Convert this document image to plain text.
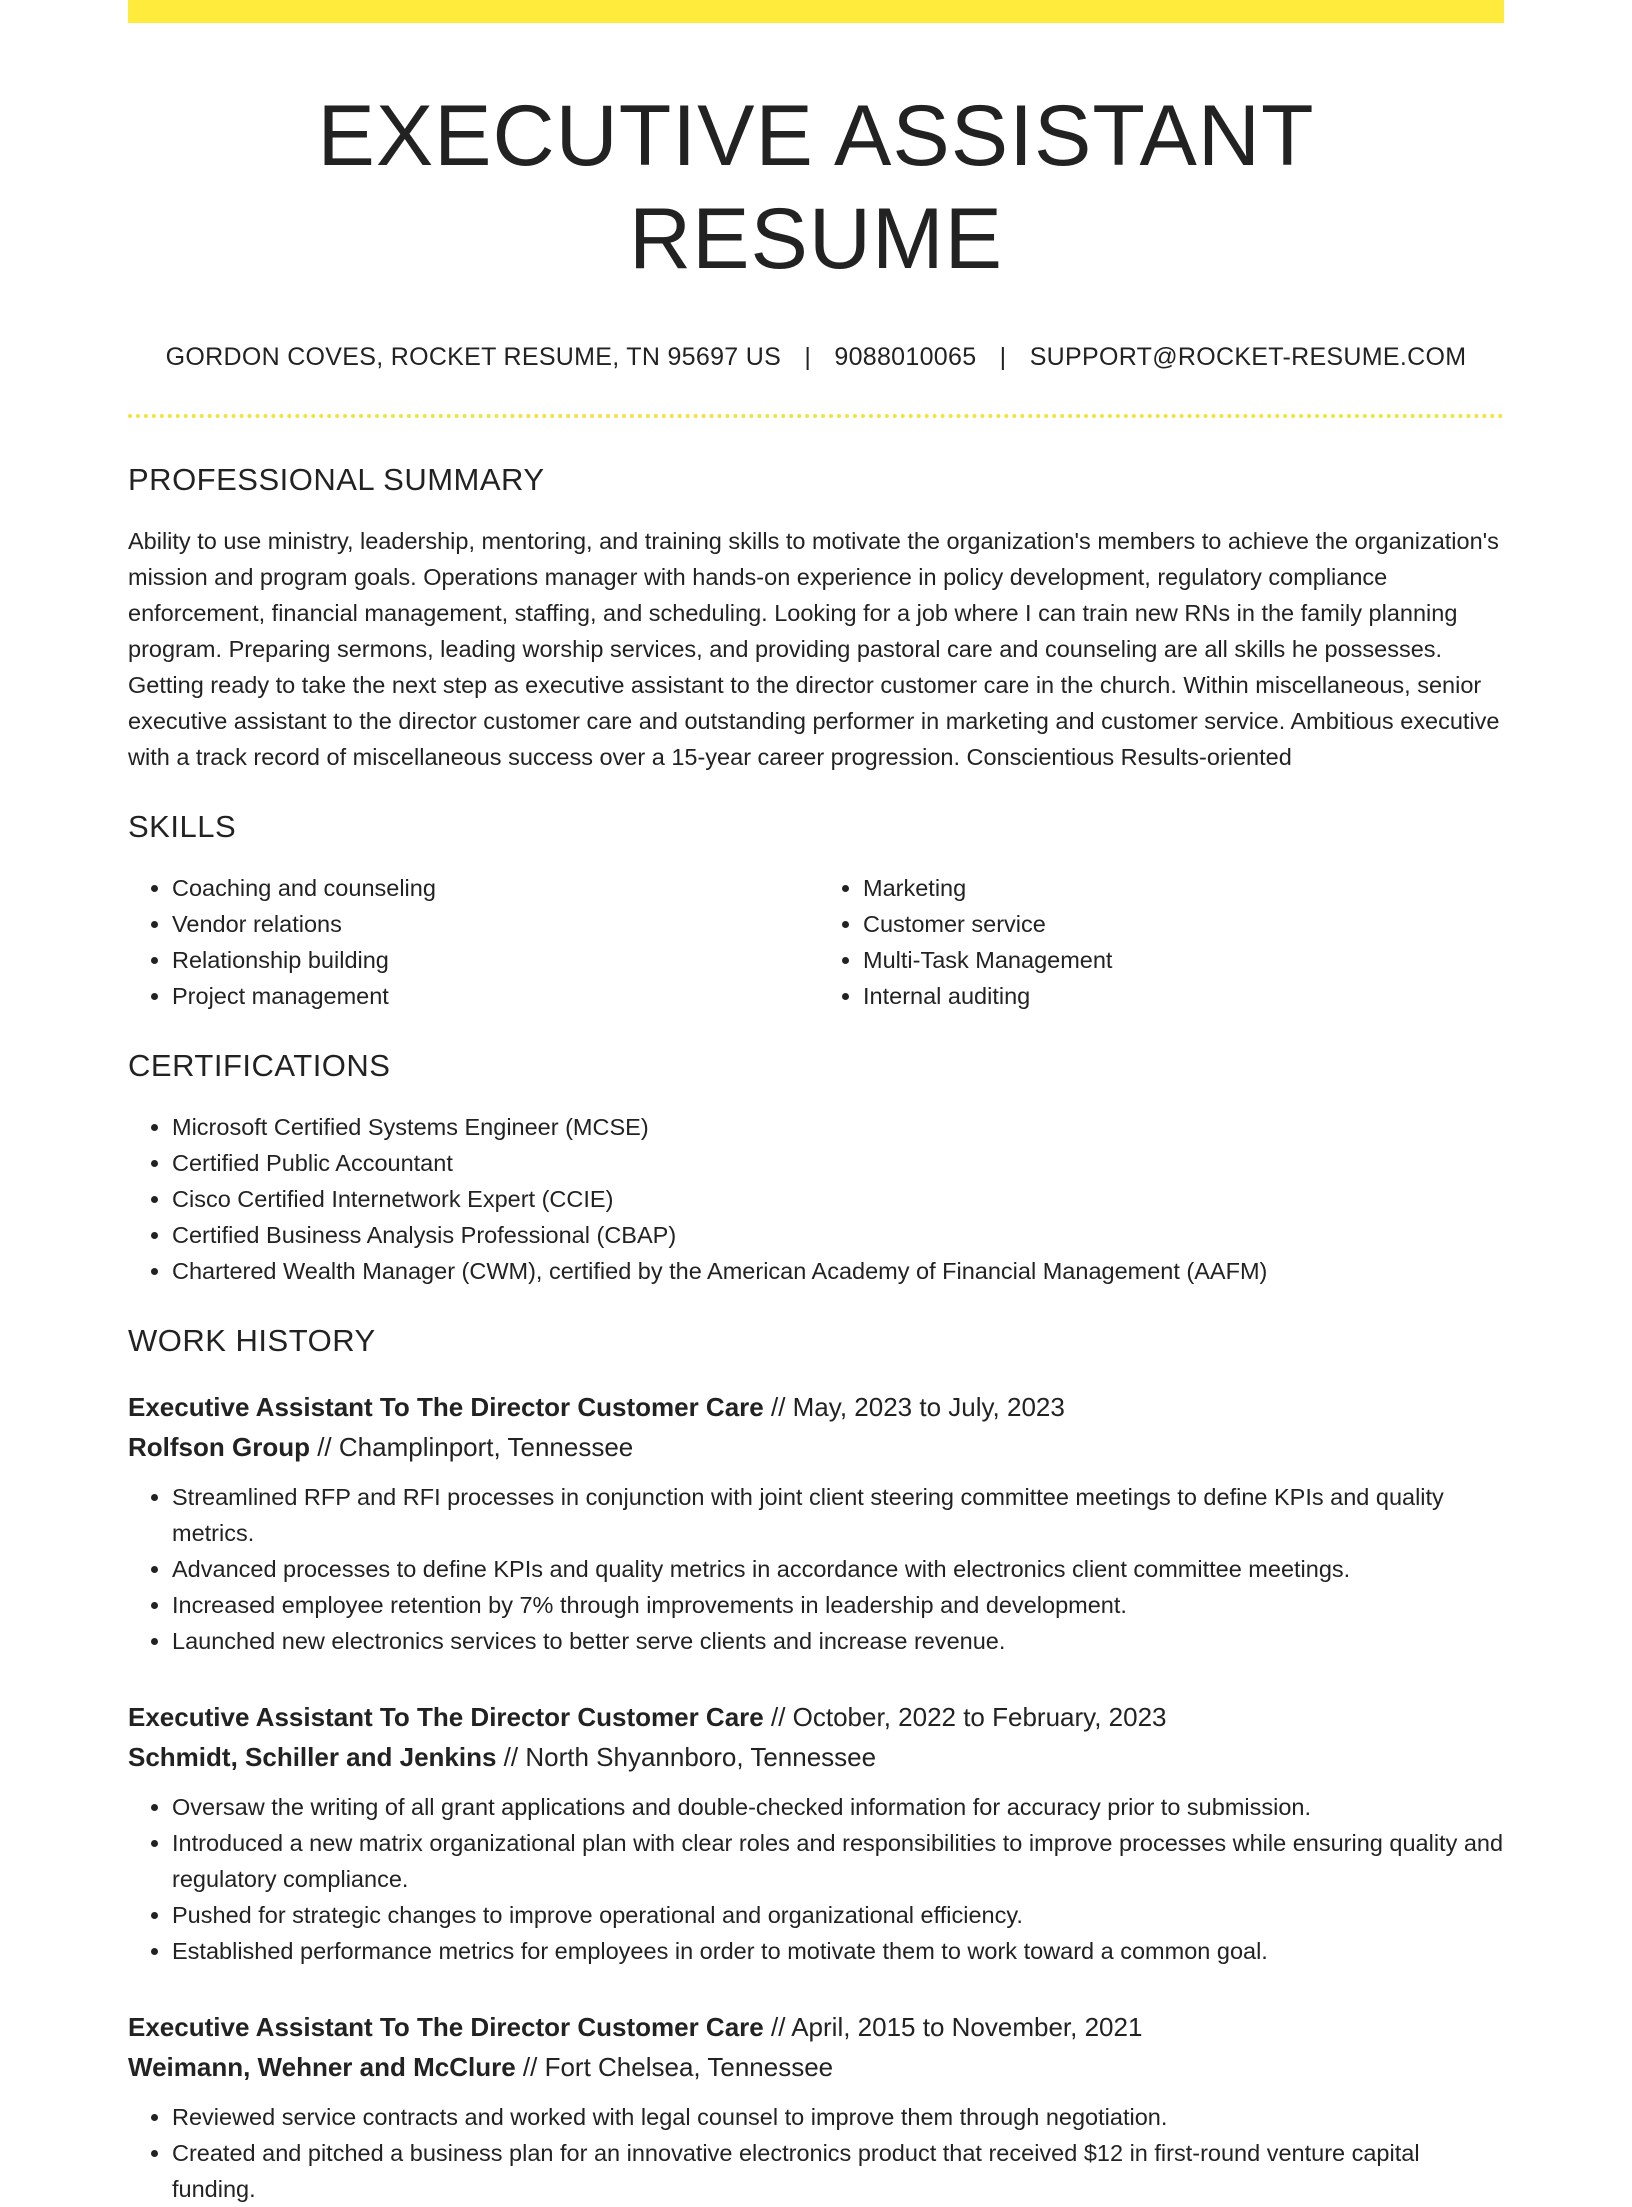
EXECUTIVE ASSISTANT RESUME
GORDON COVES, ROCKET RESUME, TN 95697 US | 9088010065 | SUPPORT@ROCKET-RESUME.COM
PROFESSIONAL SUMMARY

Ability to use ministry, leadership, mentoring, and training skills to motivate the organization's members to achieve the organization's mission and program goals. Operations manager with hands-on experience in policy development, regulatory compliance enforcement, financial management, staffing, and scheduling. Looking for a job where I can train new RNs in the family planning program. Preparing sermons, leading worship services, and providing pastoral care and counseling are all skills he possesses. Getting ready to take the next step as executive assistant to the director customer care in the church. Within miscellaneous, senior executive assistant to the director customer care and outstanding performer in marketing and customer service. Ambitious executive with a track record of miscellaneous success over a 15-year career progression. Conscientious Results-oriented

SKILLS
• Coaching and counseling
• Vendor relations
• Relationship building
• Project management
• Marketing
• Customer service
• Multi-Task Management
• Internal auditing
CERTIFICATIONS
• Microsoft Certified Systems Engineer (MCSE)
• Certified Public Accountant
• Cisco Certified Internetwork Expert (CCIE)
• Certified Business Analysis Professional (CBAP)
• Chartered Wealth Manager (CWM), certified by the American Academy of Financial Management (AAFM)
WORK HISTORY
Executive Assistant To The Director Customer Care // May, 2023 to July, 2023
Rolfson Group // Champlinport, Tennessee
• Streamlined RFP and RFI processes in conjunction with joint client steering committee meetings to define KPIs and quality metrics.
• Advanced processes to define KPIs and quality metrics in accordance with electronics client committee meetings.
• Increased employee retention by 7% through improvements in leadership and development.
• Launched new electronics services to better serve clients and increase revenue.
Executive Assistant To The Director Customer Care // October, 2022 to February, 2023
Schmidt, Schiller and Jenkins // North Shyannboro, Tennessee
• Oversaw the writing of all grant applications and double-checked information for accuracy prior to submission.
• Introduced a new matrix organizational plan with clear roles and responsibilities to improve processes while ensuring quality and regulatory compliance.
• Pushed for strategic changes to improve operational and organizational efficiency.
• Established performance metrics for employees in order to motivate them to work toward a common goal.
Executive Assistant To The Director Customer Care // April, 2015 to November, 2021
Weimann, Wehner and McClure // Fort Chelsea, Tennessee
• Reviewed service contracts and worked with legal counsel to improve them through negotiation.
• Created and pitched a business plan for an innovative electronics product that received $12 in first-round venture capital funding.
